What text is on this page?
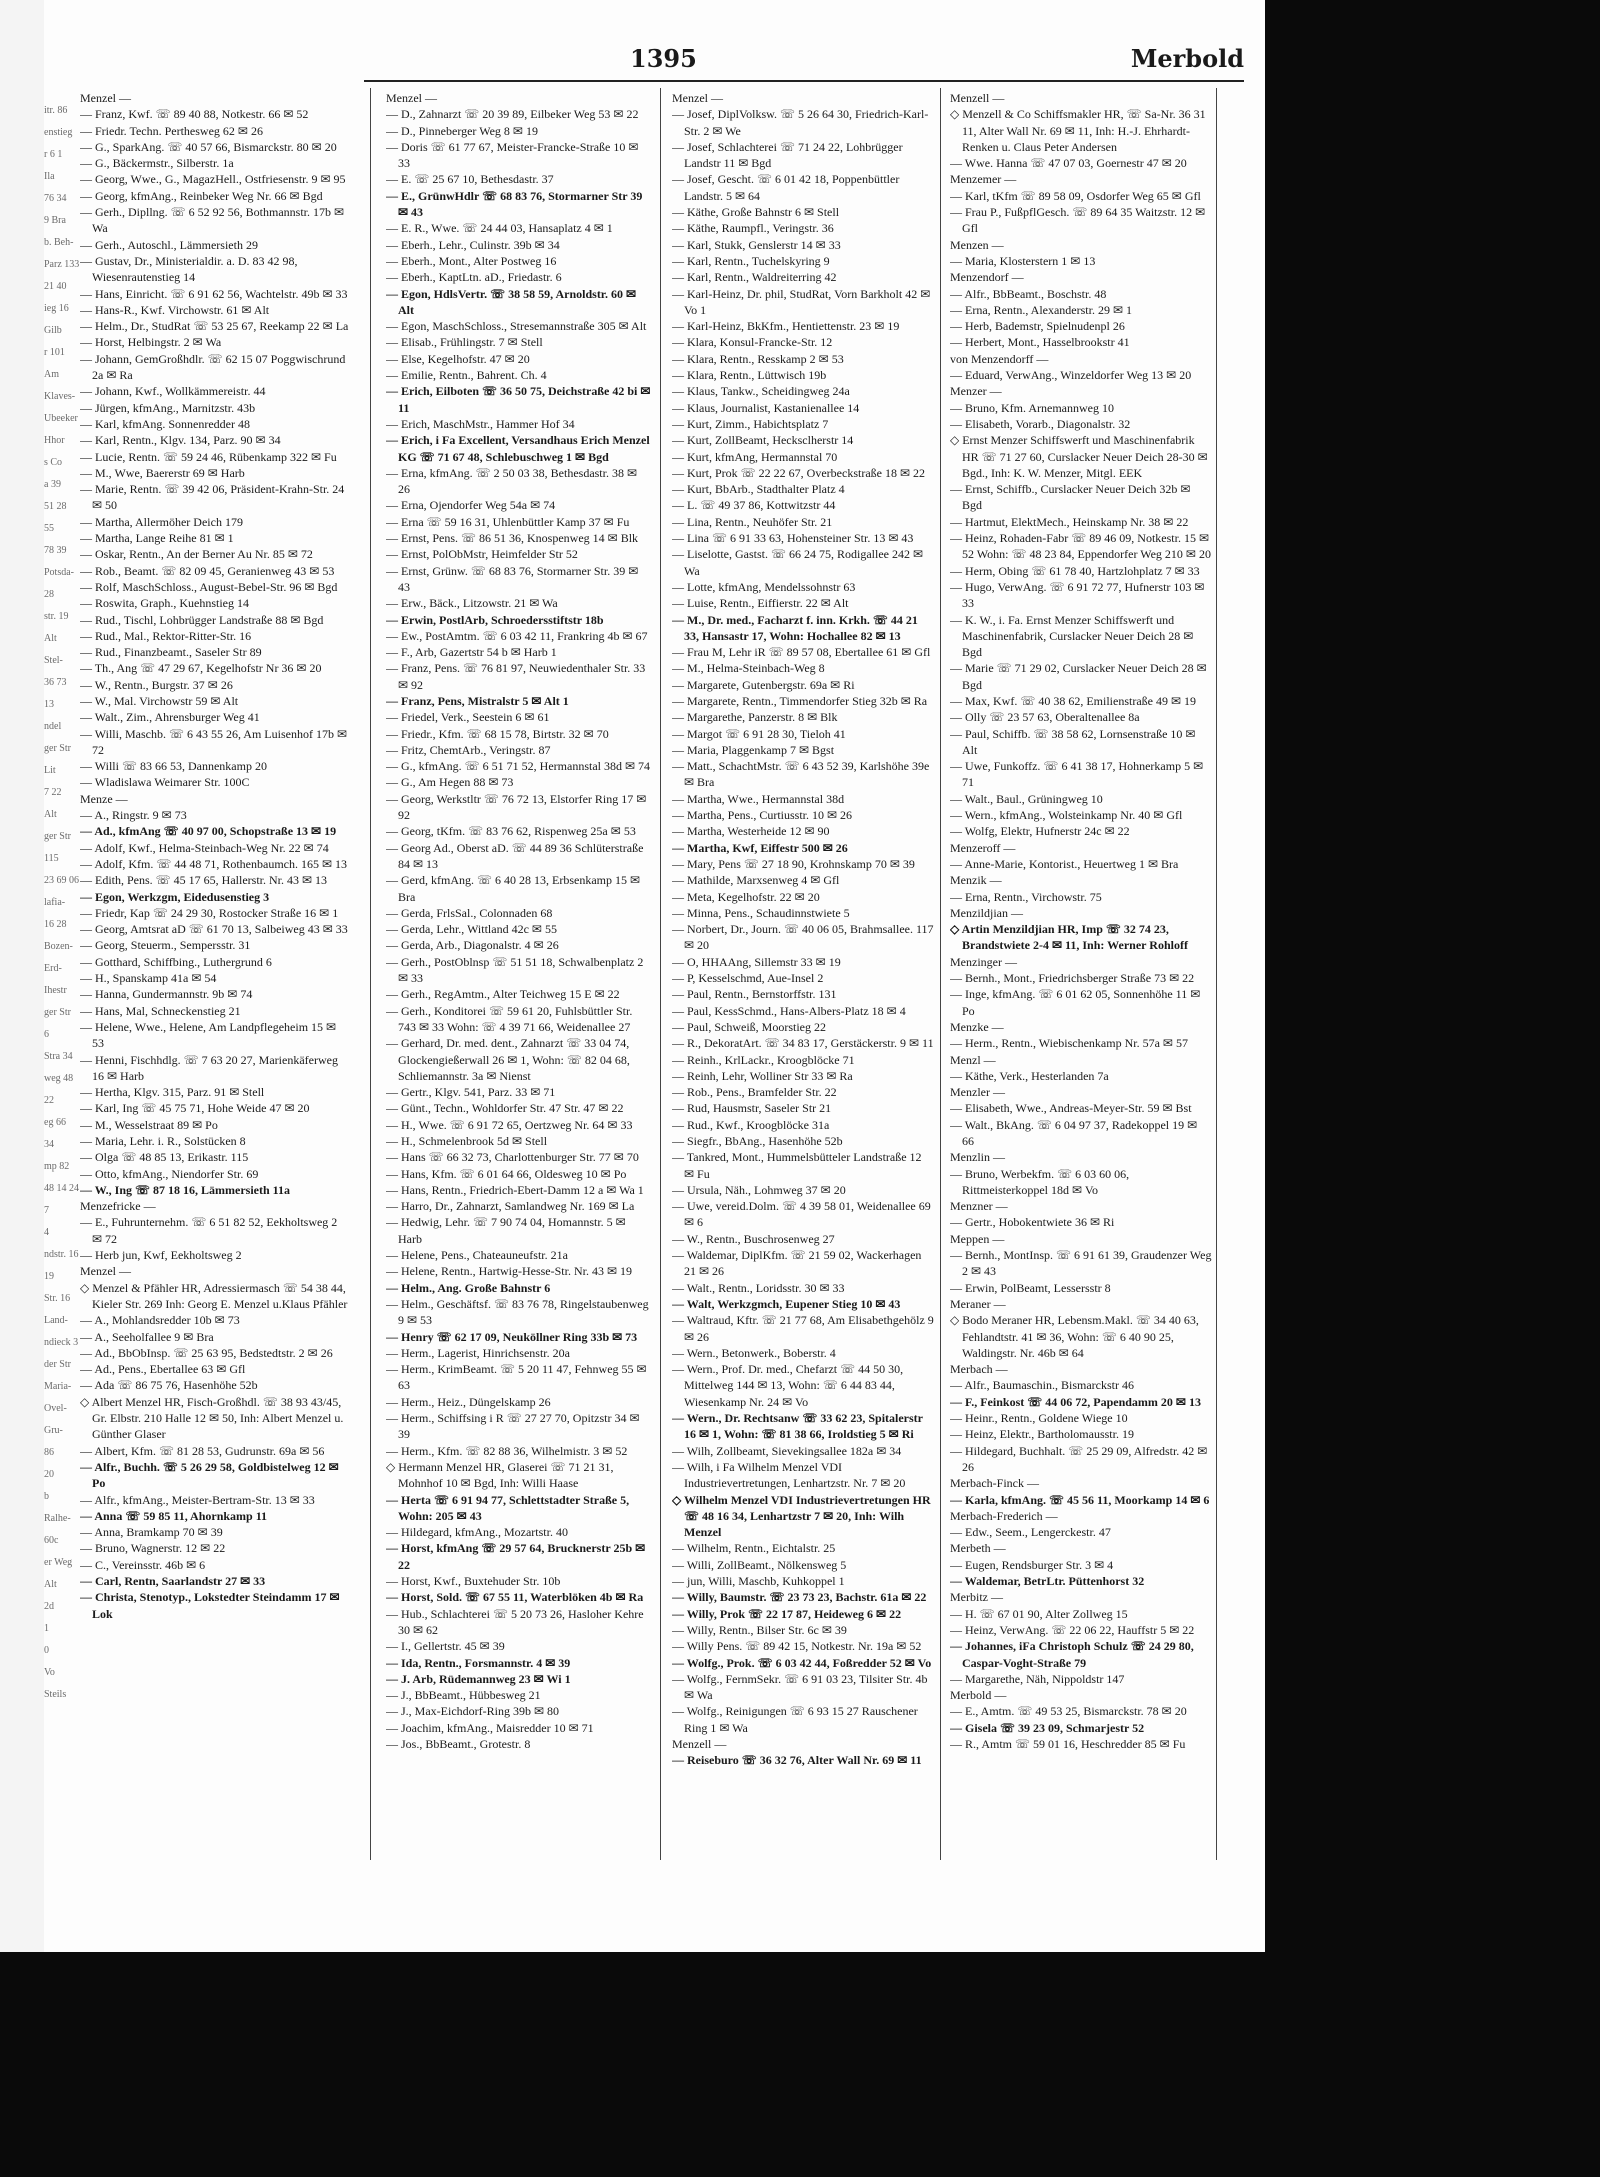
itr. 86
enstieg
r 6 1
Ila
76 34
9 Bra
b. Beh-
Parz 133
21 40
ieg 16
Gilb
r 101
Am
Klaves-
Ubeeker
Hhor
s Co
a 39
51 28
55
78 39
Potsda-
28
str. 19
Alt
Stel-
36 73
13
ndel
ger Str
Lit
7 22
Alt
ger Str
115
23 69 06
lafia-
16 28
Bozen-
Erd-
Ihestr
ger Str
6
Stra 34
weg 48
22
eg 66
34
mp 82
48 14 24
7
4
ndstr. 16
19
Str. 16
Land-
ndieck 3
der Str
Maria-
Ovel-
Gru-
86
20
b
Ralhe-
60c
er Weg
Alt
2d
1
0
Vo
Steils
1395	Merbold
Menzel —
— Franz, Kwf. ☏ 89 40 88, Notkestr. 66 ✉ 52
— Friedr. Techn. Perthesweg 62 ✉ 26
— G., SparkAng. ☏ 40 57 66, Bismarckstr. 80 ✉ 20
— G., Bäckermstr., Silberstr. 1a
— Georg, Wwe., G., MagazHell., Ostfriesenstr. 9 ✉ 95
— Georg, kfmAng., Reinbeker Weg Nr. 66 ✉ Bgd
— Gerh., Dipllng. ☏ 6 52 92 56, Bothmannstr. 17b ✉ Wa
— Gerh., Autoschl., Lämmersieth 29
— Gustav, Dr., Ministerialdir. a. D. 83 42 98, Wiesenrautenstieg 14
— Hans, Einricht. ☏ 6 91 62 56, Wachtelstr. 49b ✉ 33
— Hans-R., Kwf. Virchowstr. 61 ✉ Alt
— Helm., Dr., StudRat ☏ 53 25 67, Reekamp 22 ✉ La
— Horst, Helbingstr. 2 ✉ Wa
— Johann, GemGroßhdlr. ☏ 62 15 07 Poggwischrund 2a ✉ Ra
— Johann, Kwf., Wollkämmereistr. 44
— Jürgen, kfmAng., Marnitzstr. 43b
— Karl, kfmAng. Sonnenredder 48
— Karl, Rentn., Klgv. 134, Parz. 90 ✉ 34
— Lucie, Rentn. ☏ 59 24 46, Rübenkamp 322 ✉ Fu
— M., Wwe, Baererstr 69 ✉ Harb
— Marie, Rentn. ☏ 39 42 06, Präsident-Krahn-Str. 24 ✉ 50
— Martha, Allermöher Deich 179
— Martha, Lange Reihe 81 ✉ 1
— Oskar, Rentn., An der Berner Au Nr. 85 ✉ 72
— Rob., Beamt. ☏ 82 09 45, Geranienweg 43 ✉ 53
— Rolf, MaschSchloss., August-Bebel-Str. 96 ✉ Bgd
— Roswita, Graph., Kuehnstieg 14
— Rud., Tischl, Lohbrügger Landstraße 88 ✉ Bgd
— Rud., Mal., Rektor-Ritter-Str. 16
— Rud., Finanzbeamt., Saseler Str 89
— Th., Ang ☏ 47 29 67, Kegelhofstr Nr 36 ✉ 20
— W., Rentn., Burgstr. 37 ✉ 26
— W., Mal. Virchowstr 59 ✉ Alt
— Walt., Zim., Ahrensburger Weg 41
— Willi, Maschb. ☏ 6 43 55 26, Am Luisenhof 17b ✉ 72
— Willi ☏ 83 66 53, Dannenkamp 20
— Wladislawa Weimarer Str. 100C
Menze —
— A., Ringstr. 9 ✉ 73
— Ad., kfmAng ☏ 40 97 00, Schopstraße 13 ✉ 19
— Adolf, Kwf., Helma-Steinbach-Weg Nr. 22 ✉ 74
— Adolf, Kfm. ☏ 44 48 71, Rothenbaumch. 165 ✉ 13
— Edith, Pens. ☏ 45 17 65, Hallerstr. Nr. 43 ✉ 13
— Egon, Werkzgm, Eidedusenstieg 3
— Friedr, Kap ☏ 24 29 30, Rostocker Straße 16 ✉ 1
— Georg, Amtsrat aD ☏ 61 70 13, Salbeiweg 43 ✉ 33
— Georg, Steuerm., Sempersstr. 31
— Gotthard, Schiffbing., Luthergrund 6
— H., Spanskamp 41a ✉ 54
— Hanna, Gundermannstr. 9b ✉ 74
— Hans, Mal, Schneckenstieg 21
— Helene, Wwe., Helene, Am Landpflegeheim 15 ✉ 53
— Henni, Fischhdlg. ☏ 7 63 20 27, Marienkäferweg 16 ✉ Harb
— Hertha, Klgv. 315, Parz. 91 ✉ Stell
— Karl, Ing ☏ 45 75 71, Hohe Weide 47 ✉ 20
— M., Wesselstraat 89 ✉ Po
— Maria, Lehr. i. R., Solstücken 8
— Olga ☏ 48 85 13, Erikastr. 115
— Otto, kfmAng., Niendorfer Str. 69
— W., Ing ☏ 87 18 16, Lämmersieth 11a
Menzefricke —
— E., Fuhrunternehm. ☏ 6 51 82 52, Eekholtsweg 2 ✉ 72
— Herb jun, Kwf, Eekholtsweg 2
Menzel —
◇ Menzel & Pfähler HR, Adressiermasch ☏ 54 38 44, Kieler Str. 269 Inh: Georg E. Menzel u.Klaus Pfähler
— A., Mohlandsredder 10b ✉ 73
— A., Seeholfallee 9 ✉ Bra
— Ad., BbObInsp. ☏ 25 63 95, Bedstedtstr. 2 ✉ 26
— Ad., Pens., Ebertallee 63 ✉ Gfl
— Ada ☏ 86 75 76, Hasenhöhe 52b
◇ Albert Menzel HR, Fisch-Großhdl. ☏ 38 93 43/45, Gr. Elbstr. 210 Halle 12 ✉ 50, Inh: Albert Menzel u. Günther Glaser
— Albert, Kfm. ☏ 81 28 53, Gudrunstr. 69a ✉ 56
— Alfr., Buchh. ☏ 5 26 29 58, Goldbistelweg 12 ✉ Po
— Alfr., kfmAng., Meister-Bertram-Str. 13 ✉ 33
— Anna ☏ 59 85 11, Ahornkamp 11
— Anna, Bramkamp 70 ✉ 39
— Bruno, Wagnerstr. 12 ✉ 22
— C., Vereinsstr. 46b ✉ 6
— Carl, Rentn, Saarlandstr 27 ✉ 33
— Christa, Stenotyp., Lokstedter Steindamm 17 ✉ Lok
Menzel —
— D., Zahnarzt ☏ 20 39 89, Eilbeker Weg 53 ✉ 22
— D., Pinneberger Weg 8 ✉ 19
— Doris ☏ 61 77 67, Meister-Francke-Straße 10 ✉ 33
— E. ☏ 25 67 10, Bethesdastr. 37
— E., GrünwHdlr ☏ 68 83 76, Stormarner Str 39 ✉ 43
— E. R., Wwe. ☏ 24 44 03, Hansaplatz 4 ✉ 1
— Eberh., Lehr., Culinstr. 39b ✉ 34
— Eberh., Mont., Alter Postweg 16
— Eberh., KaptLtn. aD., Friedastr. 6
— Egon, HdlsVertr. ☏ 38 58 59, Arnoldstr. 60 ✉ Alt
— Egon, MaschSchloss., Stresemannstraße 305 ✉ Alt
— Elisab., Frühlingstr. 7 ✉ Stell
— Else, Kegelhofstr. 47 ✉ 20
— Emilie, Rentn., Bahrent. Ch. 4
— Erich, Eilboten ☏ 36 50 75, Deichstraße 42 bi ✉ 11
— Erich, MaschMstr., Hammer Hof 34
— Erich, i Fa Excellent, Versandhaus Erich Menzel KG ☏ 71 67 48, Schlebuschweg 1 ✉ Bgd
— Erna, kfmAng. ☏ 2 50 03 38, Bethesdastr. 38 ✉ 26
— Erna, Ojendorfer Weg 54a ✉ 74
— Erna ☏ 59 16 31, Uhlenbüttler Kamp 37 ✉ Fu
— Ernst, Pens. ☏ 86 51 36, Knospenweg 14 ✉ Blk
— Ernst, PolObMstr, Heimfelder Str 52
— Ernst, Grünw. ☏ 68 83 76, Stormarner Str. 39 ✉ 43
— Erw., Bäck., Litzowstr. 21 ✉ Wa
— Erwin, PostlArb, Schroedersstiftstr 18b
— Ew., PostAmtm. ☏ 6 03 42 11, Frankring 4b ✉ 67
— F., Arb, Gazertstr 54 b ✉ Harb 1
— Franz, Pens. ☏ 76 81 97, Neuwiedenthaler Str. 33 ✉ 92
— Franz, Pens, Mistralstr 5 ✉ Alt 1
— Friedel, Verk., Seestein 6 ✉ 61
— Friedr., Kfm. ☏ 68 15 78, Birtstr. 32 ✉ 70
— Fritz, ChemtArb., Veringstr. 87
— G., kfmAng. ☏ 6 51 71 52, Hermannstal 38d ✉ 74
— G., Am Hegen 88 ✉ 73
— Georg, Werkstltr ☏ 76 72 13, Elstorfer Ring 17 ✉ 92
— Georg, tKfm. ☏ 83 76 62, Rispenweg 25a ✉ 53
— Georg Ad., Oberst aD. ☏ 44 89 36 Schlüterstraße 84 ✉ 13
— Gerd, kfmAng. ☏ 6 40 28 13, Erbsenkamp 15 ✉ Bra
— Gerda, FrlsSal., Colonnaden 68
— Gerda, Lehr., Wittland 42c ✉ 55
— Gerda, Arb., Diagonalstr. 4 ✉ 26
— Gerh., PostOblnsp ☏ 51 51 18, Schwalbenplatz 2 ✉ 33
— Gerh., RegAmtm., Alter Teichweg 15 E ✉ 22
— Gerh., Konditorei ☏ 59 61 20, Fuhlsbüttler Str. 743 ✉ 33 Wohn: ☏ 4 39 71 66, Weidenallee 27
— Gerhard, Dr. med. dent., Zahnarzt ☏ 33 04 74, Glockengießerwall 26 ✉ 1, Wohn: ☏ 82 04 68, Schliemannstr. 3a ✉ Nienst
— Gertr., Klgv. 541, Parz. 33 ✉ 71
— Günt., Techn., Wohldorfer Str. 47 Str. 47 ✉ 22
— H., Wwe. ☏ 6 91 72 65, Oertzweg Nr. 64 ✉ 33
— H., Schmelenbrook 5d ✉ Stell
— Hans ☏ 66 32 73, Charlottenburger Str. 77 ✉ 70
— Hans, Kfm. ☏ 6 01 64 66, Oldesweg 10 ✉ Po
— Hans, Rentn., Friedrich-Ebert-Damm 12 a ✉ Wa 1
— Harro, Dr., Zahnarzt, Samlandweg Nr. 169 ✉ La
— Hedwig, Lehr. ☏ 7 90 74 04, Homannstr. 5 ✉ Harb
— Helene, Pens., Chateauneufstr. 21a
— Helene, Rentn., Hartwig-Hesse-Str. Nr. 43 ✉ 19
— Helm., Ang. Große Bahnstr 6
— Helm., Geschäftsf. ☏ 83 76 78, Ringelstaubenweg 9 ✉ 53
— Henry ☏ 62 17 09, Neuköllner Ring 33b ✉ 73
— Herm., Lagerist, Hinrichsenstr. 20a
— Herm., KrimBeamt. ☏ 5 20 11 47, Fehnweg 55 ✉ 63
— Herm., Heiz., Düngelskamp 26
— Herm., Schiffsing i R ☏ 27 27 70, Opitzstr 34 ✉ 39
— Herm., Kfm. ☏ 82 88 36, Wilhelmistr. 3 ✉ 52
◇ Hermann Menzel HR, Glaserei ☏ 71 21 31, Mohnhof 10 ✉ Bgd, Inh: Willi Haase
— Herta ☏ 6 91 94 77, Schlettstadter Straße 5, Wohn: 205 ✉ 43
— Hildegard, kfmAng., Mozartstr. 40
— Horst, kfmAng ☏ 29 57 64, Brucknerstr 25b ✉ 22
— Horst, Kwf., Buxtehuder Str. 10b
— Horst, Sold. ☏ 67 55 11, Waterblöken 4b ✉ Ra
— Hub., Schlachterei ☏ 5 20 73 26, Hasloher Kehre 30 ✉ 62
— I., Gellertstr. 45 ✉ 39
— Ida, Rentn., Forsmannstr. 4 ✉ 39
— J. Arb, Rüdemannweg 23 ✉ Wi 1
— J., BbBeamt., Hübbesweg 21
— J., Max-Eichdorf-Ring 39b ✉ 80
— Joachim, kfmAng., Maisredder 10 ✉ 71
— Jos., BbBeamt., Grotestr. 8
Menzel —
— Josef, DiplVolksw. ☏ 5 26 64 30, Friedrich-Karl-Str. 2 ✉ We
— Josef, Schlachterei ☏ 71 24 22, Lohbrügger Landstr 11 ✉ Bgd
— Josef, Gescht. ☏ 6 01 42 18, Poppenbüttler Landstr. 5 ✉ 64
— Käthe, Große Bahnstr 6 ✉ Stell
— Käthe, Raumpfl., Veringstr. 36
— Karl, Stukk, Genslerstr 14 ✉ 33
— Karl, Rentn., Tuchelskyring 9
— Karl, Rentn., Waldreiterring 42
— Karl-Heinz, Dr. phil, StudRat, Vorn Barkholt 42 ✉ Vo 1
— Karl-Heinz, BkKfm., Hentiettenstr. 23 ✉ 19
— Klara, Konsul-Francke-Str. 12
— Klara, Rentn., Resskamp 2 ✉ 53
— Klara, Rentn., Lüttwisch 19b
— Klaus, Tankw., Scheidingweg 24a
— Klaus, Journalist, Kastanienallee 14
— Kurt, Zimm., Habichtsplatz 7
— Kurt, ZollBeamt, Hecksclherstr 14
— Kurt, kfmAng, Hermannstal 70
— Kurt, Prok ☏ 22 22 67, Overbeckstraße 18 ✉ 22
— Kurt, BbArb., Stadthalter Platz 4
— L. ☏ 49 37 86, Kottwitzstr 44
— Lina, Rentn., Neuhöfer Str. 21
— Lina ☏ 6 91 33 63, Hohensteiner Str. 13 ✉ 43
— Liselotte, Gastst. ☏ 66 24 75, Rodigallee 242 ✉ Wa
— Lotte, kfmAng, Mendelssohnstr 63
— Luise, Rentn., Eiffierstr. 22 ✉ Alt
— M., Dr. med., Facharzt f. inn. Krkh. ☏ 44 21 33, Hansastr 17, Wohn: Hochallee 82 ✉ 13
— Frau M, Lehr iR ☏ 89 57 08, Ebertallee 61 ✉ Gfl
— M., Helma-Steinbach-Weg 8
— Margarete, Gutenbergstr. 69a ✉ Ri
— Margarete, Rentn., Timmendorfer Stieg 32b ✉ Ra
— Margarethe, Panzerstr. 8 ✉ Blk
— Margot ☏ 6 91 28 30, Tieloh 41
— Maria, Plaggenkamp 7 ✉ Bgst
— Matt., SchachtMstr. ☏ 6 43 52 39, Karlshöhe 39e ✉ Bra
— Martha, Wwe., Hermannstal 38d
— Martha, Pens., Curtiusstr. 10 ✉ 26
— Martha, Westerheide 12 ✉ 90
— Martha, Kwf, Eiffestr 500 ✉ 26
— Mary, Pens ☏ 27 18 90, Krohnskamp 70 ✉ 39
— Mathilde, Marxsenweg 4 ✉ Gfl
— Meta, Kegelhofstr. 22 ✉ 20
— Minna, Pens., Schaudinnstwiete 5
— Norbert, Dr., Journ. ☏ 40 06 05, Brahmsallee. 117 ✉ 20
— O, HHAAng, Sillemstr 33 ✉ 19
— P, Kesselschmd, Aue-Insel 2
— Paul, Rentn., Bernstorffstr. 131
— Paul, KessSchmd., Hans-Albers-Platz 18 ✉ 4
— Paul, Schweiß, Moorstieg 22
— R., DekoratArt. ☏ 34 83 17, Gerstäckerstr. 9 ✉ 11
— Reinh., KrlLackr., Kroogblöcke 71
— Reinh, Lehr, Wolliner Str 33 ✉ Ra
— Rob., Pens., Bramfelder Str. 22
— Rud, Hausmstr, Saseler Str 21
— Rud., Kwf., Kroogblöcke 31a
— Siegfr., BbAng., Hasenhöhe 52b
— Tankred, Mont., Hummelsbütteler Landstraße 12 ✉ Fu
— Ursula, Näh., Lohmweg 37 ✉ 20
— Uwe, vereid.Dolm. ☏ 4 39 58 01, Weidenallee 69 ✉ 6
— W., Rentn., Buschrosenweg 27
— Waldemar, DiplKfm. ☏ 21 59 02, Wackerhagen 21 ✉ 26
— Walt., Rentn., Loridsstr. 30 ✉ 33
— Walt, Werkzgmch, Eupener Stieg 10 ✉ 43
— Waltraud, Kftr. ☏ 21 77 68, Am Elisabethgehölz 9 ✉ 26
— Wern., Betonwerk., Boberstr. 4
— Wern., Prof. Dr. med., Chefarzt ☏ 44 50 30, Mittelweg 144 ✉ 13, Wohn: ☏ 6 44 83 44, Wiesenkamp Nr. 24 ✉ Vo
— Wern., Dr. Rechtsanw ☏ 33 62 23, Spitalerstr 16 ✉ 1, Wohn: ☏ 81 38 66, Iroldstieg 5 ✉ Ri
— Wilh, Zollbeamt, Sievekingsallee 182a ✉ 34
— Wilh, i Fa Wilhelm Menzel VDI Industrievertretungen, Lenhartzstr. Nr. 7 ✉ 20
◇ Wilhelm Menzel VDI Industrievertretungen HR ☏ 48 16 34, Lenhartzstr 7 ✉ 20, Inh: Wilh Menzel
— Wilhelm, Rentn., Eichtalstr. 25
— Willi, ZollBeamt., Nölkensweg 5
— jun, Willi, Maschb, Kuhkoppel 1
— Willy, Baumstr. ☏ 23 73 23, Bachstr. 61a ✉ 22
— Willy, Prok ☏ 22 17 87, Heideweg 6 ✉ 22
— Willy, Rentn., Bilser Str. 6c ✉ 39
— Willy Pens. ☏ 89 42 15, Notkestr. Nr. 19a ✉ 52
— Wolfg., Prok. ☏ 6 03 42 44, Foßredder 52 ✉ Vo
— Wolfg., FernmSekr. ☏ 6 91 03 23, Tilsiter Str. 4b ✉ Wa
— Wolfg., Reinigungen ☏ 6 93 15 27 Rauschener Ring 1 ✉ Wa
Menzell —
— Reiseburo ☏ 36 32 76, Alter Wall Nr. 69 ✉ 11
Menzell —
◇ Menzell & Co Schiffsmakler HR, ☏ Sa-Nr. 36 31 11, Alter Wall Nr. 69 ✉ 11, Inh: H.-J. Ehrhardt-Renken u. Claus Peter Andersen
— Wwe. Hanna ☏ 47 07 03, Goernestr 47 ✉ 20
Menzemer —
— Karl, tKfm ☏ 89 58 09, Osdorfer Weg 65 ✉ Gfl
— Frau P., FußpflGesch. ☏ 89 64 35 Waitzstr. 12 ✉ Gfl
Menzen —
— Maria, Klosterstern 1 ✉ 13
Menzendorf —
— Alfr., BbBeamt., Boschstr. 48
— Erna, Rentn., Alexanderstr. 29 ✉ 1
— Herb, Bademstr, Spielnudenpl 26
— Herbert, Mont., Hasselbrookstr 41
von Menzendorff —
— Eduard, VerwAng., Winzeldorfer Weg 13 ✉ 20
Menzer —
— Bruno, Kfm. Arnemannweg 10
— Elisabeth, Vorarb., Diagonalstr. 32
◇ Ernst Menzer Schiffswerft und Maschinenfabrik HR ☏ 71 27 60, Curslacker Neuer Deich 28-30 ✉ Bgd., Inh: K. W. Menzer, Mitgl. EEK
— Ernst, Schiffb., Curslacker Neuer Deich 32b ✉ Bgd
— Hartmut, ElektMech., Heinskamp Nr. 38 ✉ 22
— Heinz, Rohaden-Fabr ☏ 89 46 09, Notkestr. 15 ✉ 52 Wohn: ☏ 48 23 84, Eppendorfer Weg 210 ✉ 20
— Herm, Obing ☏ 61 78 40, Hartzlohplatz 7 ✉ 33
— Hugo, VerwAng. ☏ 6 91 72 77, Hufnerstr 103 ✉ 33
— K. W., i. Fa. Ernst Menzer Schiffswerft und Maschinenfabrik, Curslacker Neuer Deich 28 ✉ Bgd
— Marie ☏ 71 29 02, Curslacker Neuer Deich 28 ✉ Bgd
— Max, Kwf. ☏ 40 38 62, Emilienstraße 49 ✉ 19
— Olly ☏ 23 57 63, Oberaltenallee 8a
— Paul, Schiffb. ☏ 38 58 62, Lornsenstraße 10 ✉ Alt
— Uwe, Funkoffz. ☏ 6 41 38 17, Hohnerkamp 5 ✉ 71
— Walt., Baul., Grüningweg 10
— Wern., kfmAng., Wolsteinkamp Nr. 40 ✉ Gfl
— Wolfg, Elektr, Hufnerstr 24c ✉ 22
Menzeroff —
— Anne-Marie, Kontorist., Heuertweg 1 ✉ Bra
Menzik —
— Erna, Rentn., Virchowstr. 75
Menzildjian —
◇ Artin Menzildjian HR, Imp ☏ 32 74 23, Brandstwiete 2-4 ✉ 11, Inh: Werner Rohloff
Menzinger —
— Bernh., Mont., Friedrichsberger Straße 73 ✉ 22
— Inge, kfmAng. ☏ 6 01 62 05, Sonnenhöhe 11 ✉ Po
Menzke —
— Herm., Rentn., Wiebischenkamp Nr. 57a ✉ 57
Menzl —
— Käthe, Verk., Hesterlanden 7a
Menzler —
— Elisabeth, Wwe., Andreas-Meyer-Str. 59 ✉ Bst
— Walt., BkAng. ☏ 6 04 97 37, Radekoppel 19 ✉ 66
Menzlin —
— Bruno, Werbekfm. ☏ 6 03 60 06, Rittmeisterkoppel 18d ✉ Vo
Menzner —
— Gertr., Hobokentwiete 36 ✉ Ri
Meppen —
— Bernh., MontInsp. ☏ 6 91 61 39, Graudenzer Weg 2 ✉ 43
— Erwin, PolBeamt, Lessersstr 8
Meraner —
◇ Bodo Meraner HR, Lebensm.Makl. ☏ 34 40 63, Fehlandtstr. 41 ✉ 36, Wohn: ☏ 6 40 90 25, Waldingstr. Nr. 46b ✉ 64
Merbach —
— Alfr., Baumaschin., Bismarckstr 46
— F., Feinkost ☏ 44 06 72, Papendamm 20 ✉ 13
— Heinr., Rentn., Goldene Wiege 10
— Heinz, Elektr., Bartholomausstr. 19
— Hildegard, Buchhalt. ☏ 25 29 09, Alfredstr. 42 ✉ 26
Merbach-Finck —
— Karla, kfmAng. ☏ 45 56 11, Moorkamp 14 ✉ 6
Merbach-Frederich —
— Edw., Seem., Lengerckestr. 47
Merbeth —
— Eugen, Rendsburger Str. 3 ✉ 4
— Waldemar, BetrLtr. Püttenhorst 32
Merbitz —
— H. ☏ 67 01 90, Alter Zollweg 15
— Heinz, VerwAng. ☏ 22 06 22, Hauffstr 5 ✉ 22
— Johannes, iFa Christoph Schulz ☏ 24 29 80, Caspar-Voght-Straße 79
— Margarethe, Näh, Nippoldstr 147
Merbold —
— E., Amtm. ☏ 49 53 25, Bismarckstr. 78 ✉ 20
— Gisela ☏ 39 23 09, Schmarjestr 52
— R., Amtm ☏ 59 01 16, Heschredder 85 ✉ Fu
